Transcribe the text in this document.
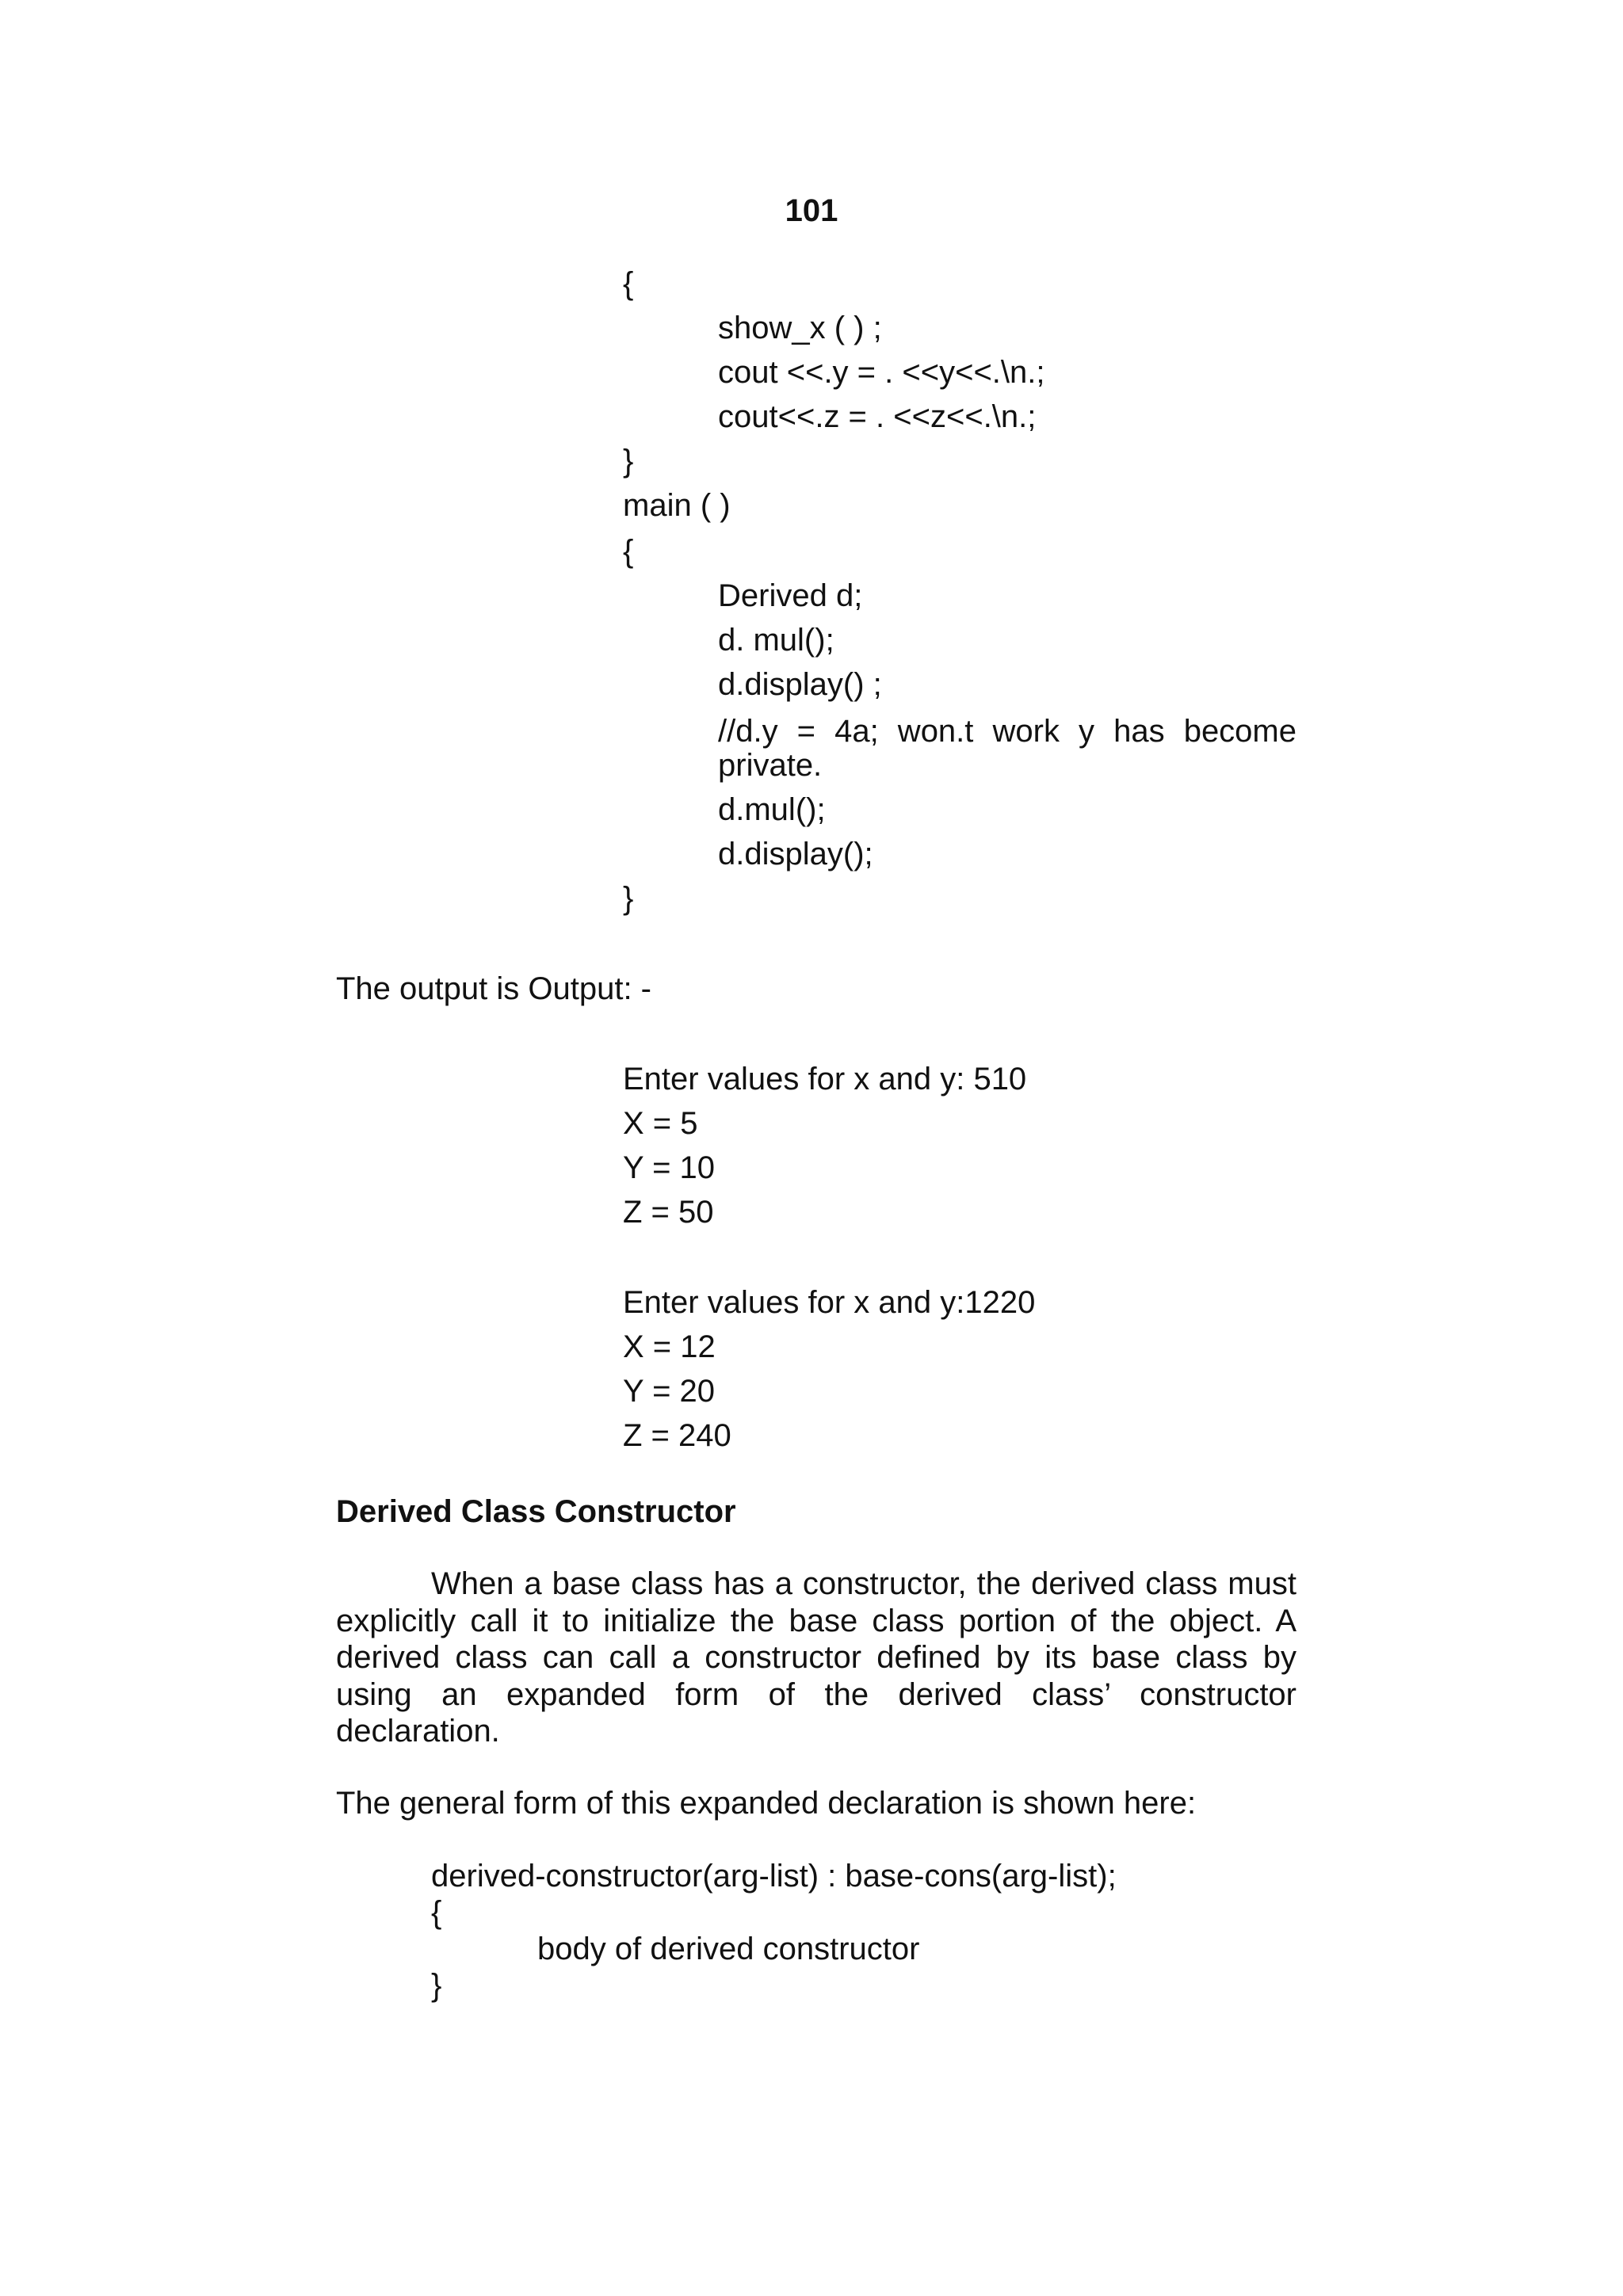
101
{
show_x ( ) ;
cout <<.y = . <<y<<.\n.;
cout<<.z = . <<z<<.\n.;
}
main ( )
{
Derived d;
d. mul();
d.display() ;
//d.y = 4a; won.t work y has become
private.
d.mul();
d.display();
}
The output is Output: -
Enter values for x and y: 510
X = 5
Y = 10
Z = 50
Enter values for x and y:1220
X = 12
Y = 20
Z = 240
Derived Class Constructor
When a base class has a constructor, the derived class must explicitly call it to initialize the base class portion of the object. A derived class can call a constructor defined by its base class by using an expanded form of the derived class’ constructor declaration.
The general form of this expanded declaration is shown here:
derived-constructor(arg-list) : base-cons(arg-list);
{
body of derived constructor
}
